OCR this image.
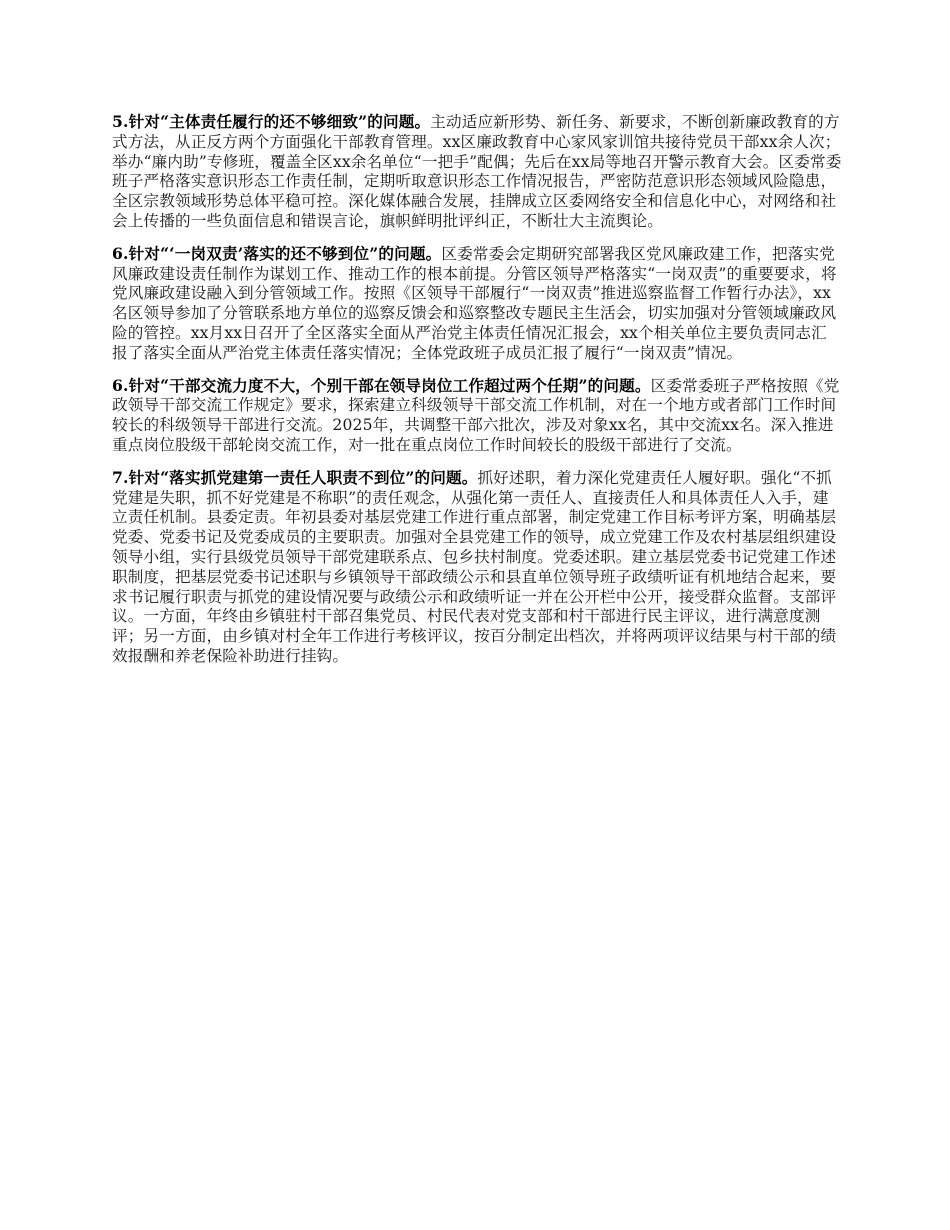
5.针对“主体责任履行的还不够细致”的问题。主动适应新形势、新任务、新要求，不断创新廉政教育的方式方法，从正反方两个方面强化干部教育管理。xx区廉政教育中心家风家训馆共接待党员干部xx余人次；举办“廉内助”专修班，覆盖全区xx余名单位“一把手”配偶；先后在xx局等地召开警示教育大会。区委常委班子严格落实意识形态工作责任制，定期听取意识形态工作情况报告，严密防范意识形态领域风险隐患，全区宗教领域形势总体平稳可控。深化媒体融合发展，挂牌成立区委网络安全和信息化中心，对网络和社会上传播的一些负面信息和错误言论，旗帜鲜明批评纠正，不断壮大主流舆论。

6.针对“‘一岗双责’落实的还不够到位”的问题。区委常委会定期研究部署我区党风廉政建工作，把落实党风廉政建设责任制作为谋划工作、推动工作的根本前提。分管区领导严格落实“一岗双责”的重要要求，将党风廉政建设融入到分管领域工作。按照《区领导干部履行“一岗双责”推进巡察监督工作暂行办法》，xx名区领导参加了分管联系地方单位的巡察反馈会和巡察整改专题民主生活会，切实加强对分管领域廉政风险的管控。xx月xx日召开了全区落实全面从严治党主体责任情况汇报会，xx个相关单位主要负责同志汇报了落实全面从严治党主体责任落实情况；全体党政班子成员汇报了履行“一岗双责”情况。

6.针对“干部交流力度不大，个别干部在领导岗位工作超过两个任期”的问题。区委常委班子严格按照《党政领导干部交流工作规定》要求，探索建立科级领导干部交流工作机制，对在一个地方或者部门工作时间较长的科级领导干部进行交流。2025年，共调整干部六批次，涉及对象xx名，其中交流xx名。深入推进重点岗位股级干部轮岗交流工作，对一批在重点岗位工作时间较长的股级干部进行了交流。

7.针对“落实抓党建第一责任人职责不到位”的问题。抓好述职，着力深化党建责任人履好职。强化“不抓党建是失职，抓不好党建是不称职”的责任观念，从强化第一责任人、直接责任人和具体责任人入手，建立责任机制。县委定责。年初县委对基层党建工作进行重点部署，制定党建工作目标考评方案，明确基层党委、党委书记及党委成员的主要职责。加强对全县党建工作的领导，成立党建工作及农村基层组织建设领导小组，实行县级党员领导干部党建联系点、包乡扶村制度。党委述职。建立基层党委书记党建工作述职制度，把基层党委书记述职与乡镇领导干部政绩公示和县直单位领导班子政绩听证有机地结合起来，要求书记履行职责与抓党的建设情况要与政绩公示和政绩听证一并在公开栏中公开，接受群众监督。支部评议。一方面，年终由乡镇驻村干部召集党员、村民代表对党支部和村干部进行民主评议，进行满意度测评；另一方面，由乡镇对村全年工作进行考核评议，按百分制定出档次，并将两项评议结果与村干部的绩效报酬和养老保险补助进行挂钩。
